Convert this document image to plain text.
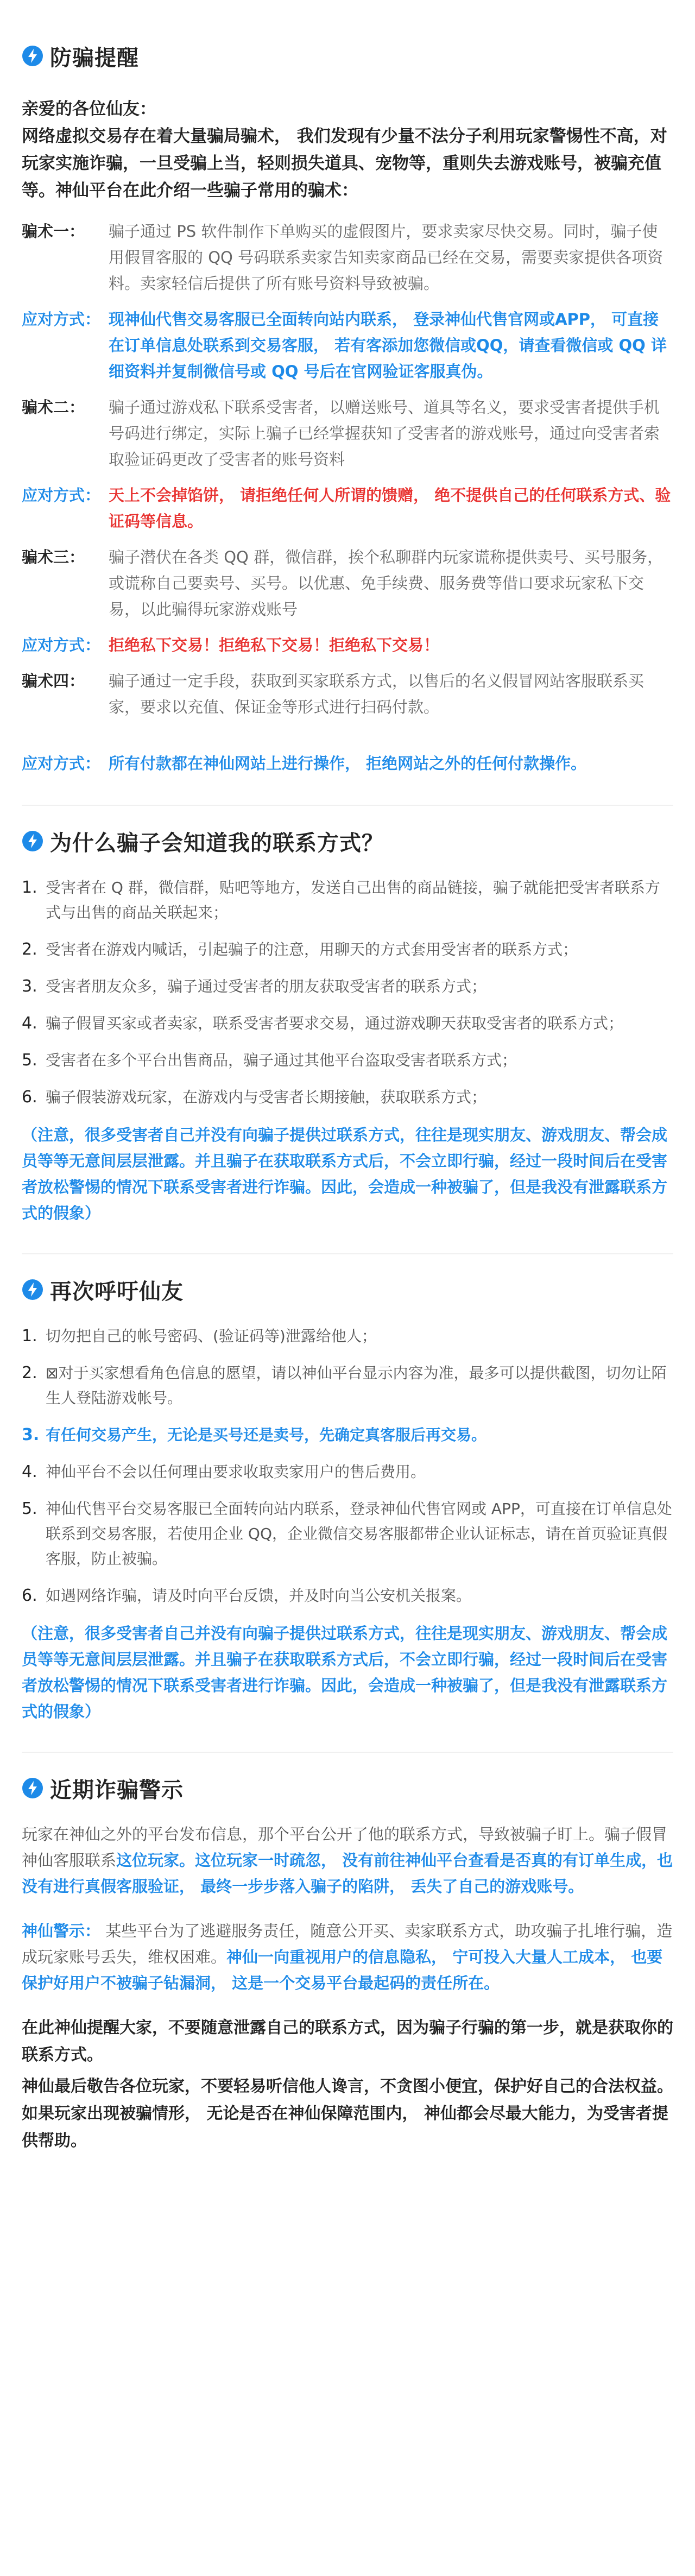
防骗提醒

亲爱的各位仙友：

网络虚拟交易存在着大量骗局骗术， 我们发现有少量不法分子利用玩家警惕性不高，对玩家实施诈骗，一旦受骗上当，轻则损失道具、宠物等，重则失去游戏账号，被骗充值等。神仙平台在此介绍一些骗子常用的骗术：

骗术一：	骗子通过 PS 软件制作下单购买的虚假图片，要求卖家尽快交易。同时，骗子使用假冒客服的 QQ 号码联系卖家告知卖家商品已经在交易，需要卖家提供各项资料。卖家轻信后提供了所有账号资料导致被骗。
应对方式： 现神仙代售交易客服已全面转向站内联系， 登录神仙代售官网或APP， 可直接在订单信息处联系到交易客服， 若有客添加您微信或QQ，请查看微信或 QQ 详细资料并复制微信号或 QQ 号后在官网验证客服真伪。
骗术二：	骗子通过游戏私下联系受害者，以赠送账号、道具等名义，要求受害者提供手机号码进行绑定，实际上骗子已经掌握获知了受害者的游戏账号，通过向受害者索取验证码更改了受害者的账号资料
应对方式： 天上不会掉馅饼， 请拒绝任何人所谓的馈赠， 绝不提供自己的任何联系方式、验证码等信息。
骗术三：	骗子潜伏在各类 QQ 群，微信群，挨个私聊群内玩家谎称提供卖号、买号服务，或谎称自己要卖号、买号。以优惠、免手续费、服务费等借口要求玩家私下交易，以此骗得玩家游戏账号
应对方式： 拒绝私下交易！拒绝私下交易！拒绝私下交易！
骗术四：	骗子通过一定手段，获取到买家联系方式，以售后的名义假冒网站客服联系买家，要求以充值、保证金等形式进行扫码付款。
应对方式： 所有付款都在神仙网站上进行操作， 拒绝网站之外的任何付款操作。
为什么骗子会知道我的联系方式？
1. 受害者在 Q 群，微信群，贴吧等地方，发送自己出售的商品链接，骗子就能把受害者联系方式与出售的商品关联起来；
2. 受害者在游戏内喊话，引起骗子的注意，用聊天的方式套用受害者的联系方式；
3. 受害者朋友众多，骗子通过受害者的朋友获取受害者的联系方式；
4. 骗子假冒买家或者卖家，联系受害者要求交易，通过游戏聊天获取受害者的联系方式；
5. 受害者在多个平台出售商品，骗子通过其他平台盗取受害者联系方式；
6. 骗子假装游戏玩家，在游戏内与受害者长期接触，获取联系方式；

（注意，很多受害者自己并没有向骗子提供过联系方式，往往是现实朋友、游戏朋友、帮会成员等等无意间层层泄露。并且骗子在获取联系方式后，不会立即行骗，经过一段时间后在受害者放松警惕的情况下联系受害者进行诈骗。因此，会造成一种被骗了，但是我没有泄露联系方式的假象）

再次呼吁仙友
1. 切勿把自己的帐号密码、(验证码等)泄露给他人；
2. ⊠对于买家想看角色信息的愿望，请以神仙平台显示内容为准，最多可以提供截图，切勿让陌生人登陆游戏帐号。
3. 有任何交易产生，无论是买号还是卖号，先确定真客服后再交易。
4. 神仙平台不会以任何理由要求收取卖家用户的售后费用。
5. 神仙代售平台交易客服已全面转向站内联系，登录神仙代售官网或 APP，可直接在订单信息处联系到交易客服，若使用企业 QQ，企业微信交易客服都带企业认证标志，请在首页验证真假客服，防止被骗。
6. 如遇网络诈骗，请及时向平台反馈，并及时向当公安机关报案。

（注意，很多受害者自己并没有向骗子提供过联系方式，往往是现实朋友、游戏朋友、帮会成员等等无意间层层泄露。并且骗子在获取联系方式后，不会立即行骗，经过一段时间后在受害者放松警惕的情况下联系受害者进行诈骗。因此，会造成一种被骗了，但是我没有泄露联系方式的假象）

近期诈骗警示

玩家在神仙之外的平台发布信息，那个平台公开了他的联系方式，导致被骗子盯上。骗子假冒神仙客服联系这位玩家。这位玩家一时疏忽， 没有前往神仙平台查看是否真的有订单生成，也没有进行真假客服验证， 最终一步步落入骗子的陷阱， 丢失了自己的游戏账号。

神仙警示： 某些平台为了逃避服务责任，随意公开买、卖家联系方式，助攻骗子扎堆行骗，造成玩家账号丢失，维权困难。神仙一向重视用户的信息隐私， 宁可投入大量人工成本， 也要保护好用户不被骗子钻漏洞， 这是一个交易平台最起码的责任所在。

在此神仙提醒大家，不要随意泄露自己的联系方式，因为骗子行骗的第一步，就是获取你的联系方式。

神仙最后敬告各位玩家，不要轻易听信他人谗言，不贪图小便宜，保护好自己的合法权益。如果玩家出现被骗情形， 无论是否在神仙保障范围内， 神仙都会尽最大能力，为受害者提供帮助。
